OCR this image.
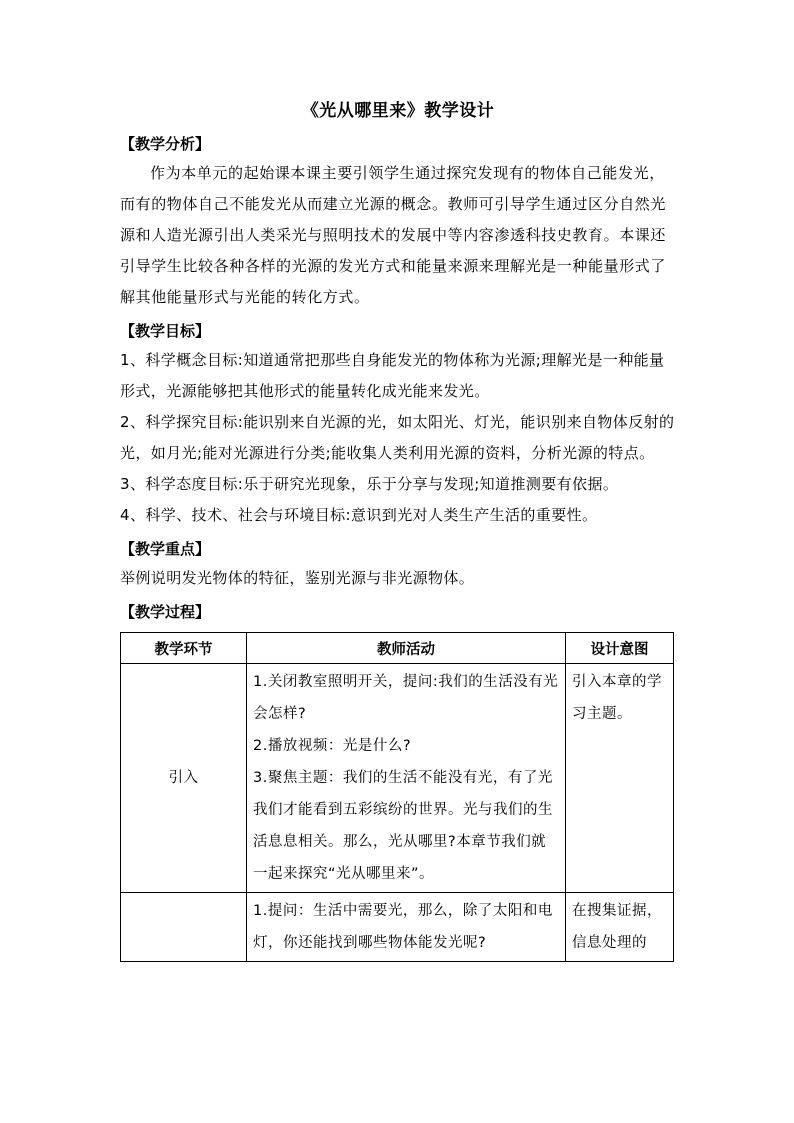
《光从哪里来》教学设计
【教学分析】

作为本单元的起始课本课主要引领学生通过探究发现有的物体自己能发光，而有的物体自己不能发光从而建立光源的概念。教师可引导学生通过区分自然光源和人造光源引出人类采光与照明技术的发展中等内容渗透科技史教育。本课还引导学生比较各种各样的光源的发光方式和能量来源来理解光是一种能量形式了解其他能量形式与光能的转化方式。

【教学目标】

1、科学概念目标:知道通常把那些自身能发光的物体称为光源;理解光是一种能量形式，光源能够把其他形式的能量转化成光能来发光。

2、科学探究目标:能识别来自光源的光，如太阳光、灯光，能识别来自物体反射的光，如月光;能对光源进行分类;能收集人类利用光源的资料，分析光源的特点。

3、科学态度目标:乐于研究光现象，乐于分享与发现;知道推测要有依据。

4、科学、技术、社会与环境目标:意识到光对人类生产生活的重要性。

【教学重点】

举例说明发光物体的特征，鉴别光源与非光源物体。

【教学过程】
教学环节	教师活动	设计意图
引入	1.关闭教室照明开关，提问:我们的生活没有光会怎样?

2.播放视频：光是什么?

3.聚焦主题：我们的生活不能没有光，有了光我们才能看到五彩缤纷的世界。光与我们的生活息息相关。那么，光从哪里?本章节我们就一起来探究“光从哪里来”。	引入本章的学习主题。

	1.提问：生活中需要光，那么，除了太阳和电灯，你还能找到哪些物体能发光呢?	在搜集证据，信息处理的
